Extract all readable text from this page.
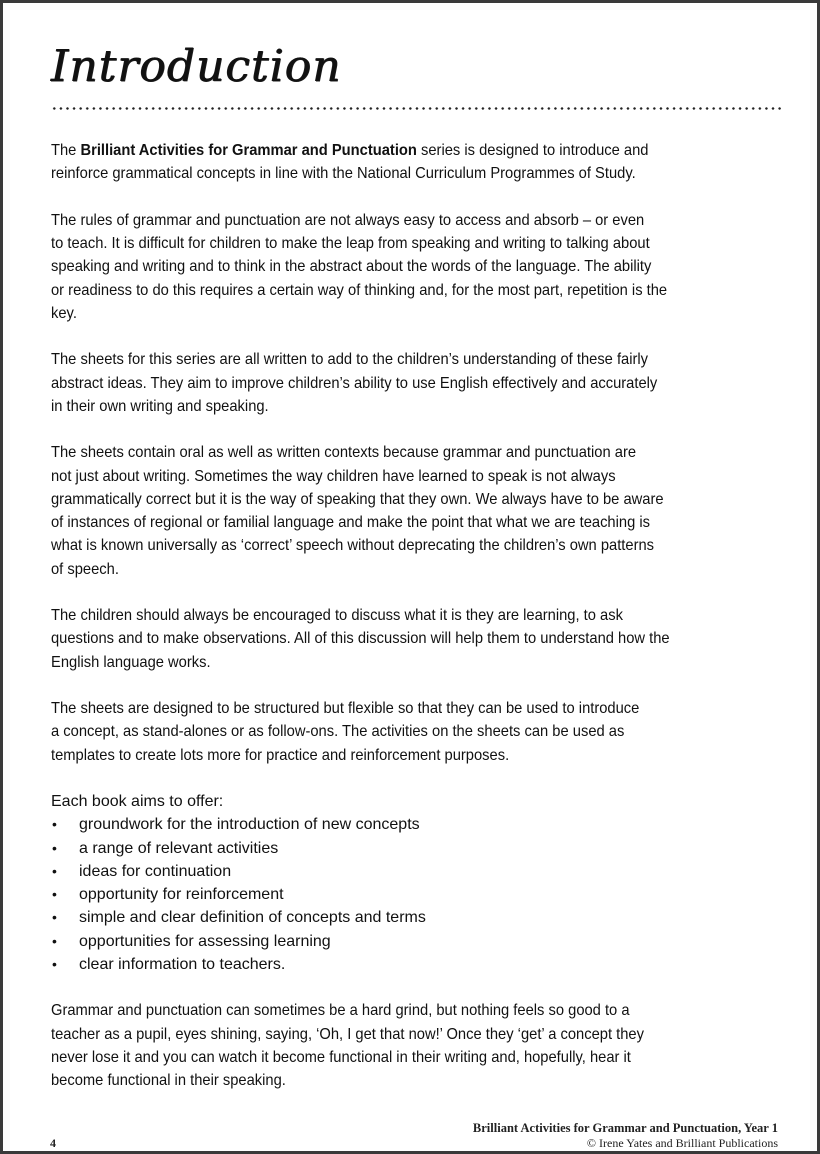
Introduction
The Brilliant Activities for Grammar and Punctuation series is designed to introduce and
reinforce grammatical concepts in line with the National Curriculum Programmes of Study.
The rules of grammar and punctuation are not always easy to access and absorb – or even
to teach. It is difficult for children to make the leap from speaking and writing to talking about
speaking and writing and to think in the abstract about the words of the language. The ability
or readiness to do this requires a certain way of thinking and, for the most part, repetition is the
key.
The sheets for this series are all written to add to the children’s understanding of these fairly
abstract ideas. They aim to improve children’s ability to use English effectively and accurately
in their own writing and speaking.
The sheets contain oral as well as written contexts because grammar and punctuation are
not just about writing. Sometimes the way children have learned to speak is not always
grammatically correct but it is the way of speaking that they own. We always have to be aware
of instances of regional or familial language and make the point that what we are teaching is
what is known universally as ‘correct’ speech without deprecating the children’s own patterns
of speech.
The children should always be encouraged to discuss what it is they are learning, to ask
questions and to make observations. All of this discussion will help them to understand how the
English language works.
The sheets are designed to be structured but flexible so that they can be used to introduce
a concept, as stand-alones or as follow-ons. The activities on the sheets can be used as
templates to create lots more for practice and reinforcement purposes.
Each book aims to offer:
• groundwork for the introduction of new concepts
• a range of relevant activities
• ideas for continuation
• opportunity for reinforcement
• simple and clear definition of concepts and terms
• opportunities for assessing learning
• clear information to teachers.
Grammar and punctuation can sometimes be a hard grind, but nothing feels so good to a
teacher as a pupil, eyes shining, saying, ‘Oh, I get that now!’ Once they ‘get’ a concept they
never lose it and you can watch it become functional in their writing and, hopefully, hear it
become functional in their speaking.
4
Brilliant Activities for Grammar and Punctuation, Year 1
© Irene Yates and Brilliant Publications
